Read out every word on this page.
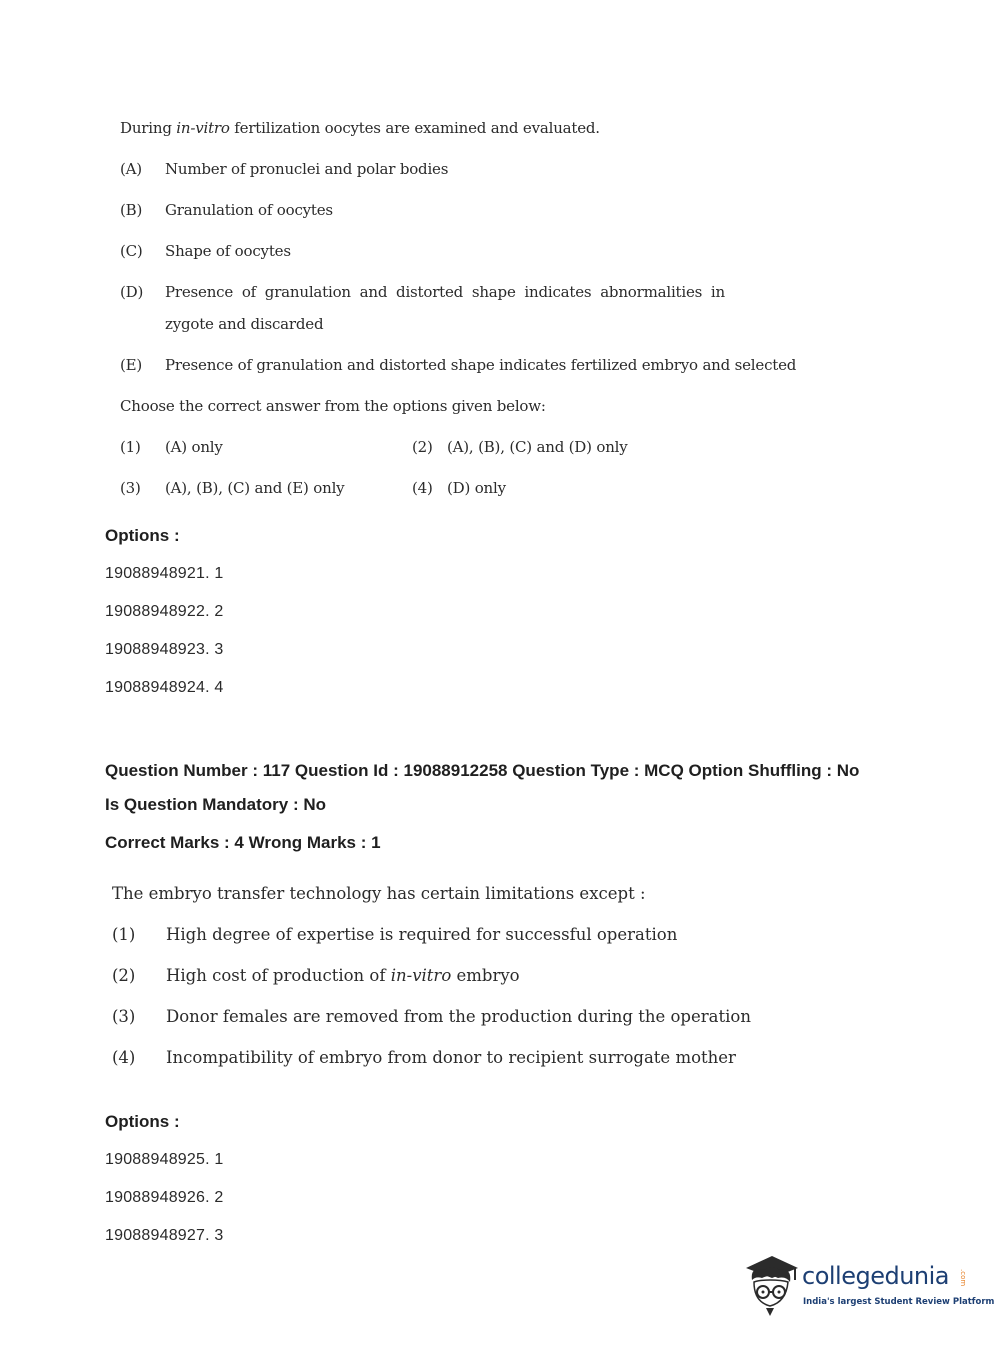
During in-vitro fertilization oocytes are examined and evaluated.
(A) Number of pronuclei and polar bodies
(B) Granulation of oocytes
(C) Shape of oocytes
(D) Presence of granulation and distorted shape indicates abnormalities in zygote and discarded
(E) Presence of granulation and distorted shape indicates fertilized embryo and selected
Choose the correct answer from the options given below:
(1) (A) only	(2) (A), (B), (C) and (D) only
(3) (A), (B), (C) and (E) only	(4) (D) only
Options :
19088948921. 1
19088948922. 2
19088948923. 3
19088948924. 4
Question Number : 117 Question Id : 19088912258 Question Type : MCQ Option Shuffling : No
Is Question Mandatory : No
Correct Marks : 4 Wrong Marks : 1
The embryo transfer technology has certain limitations except :
(1) High degree of expertise is required for successful operation
(2) High cost of production of in-vitro embryo
(3) Donor females are removed from the production during the operation
(4) Incompatibility of embryo from donor to recipient surrogate mother
Options :
19088948925. 1
19088948926. 2
19088948927. 3
collegedunia .com
India's largest Student Review Platform
